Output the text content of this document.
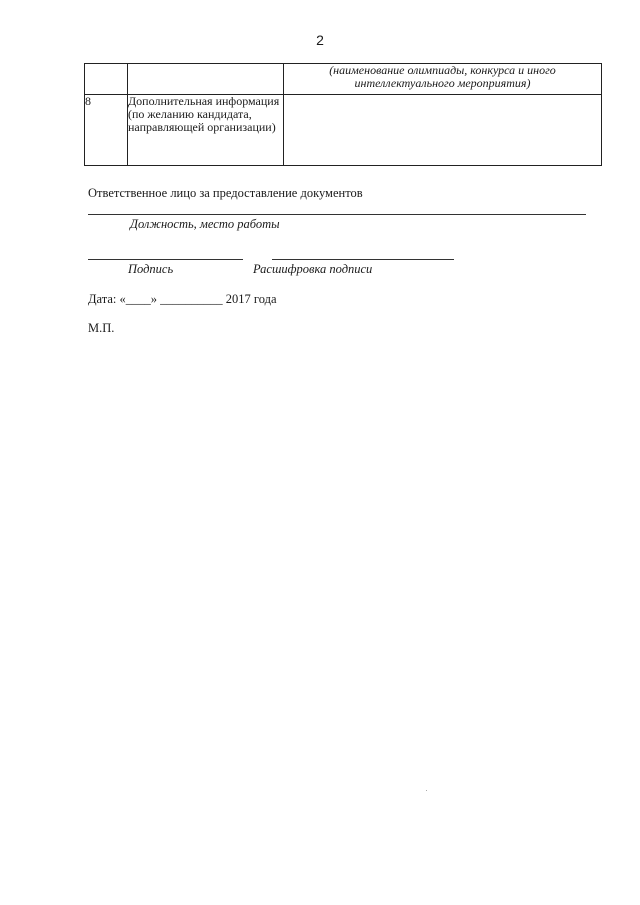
2
		(наименование олимпиады, конкурса и иного интеллектуального мероприятия)
8	Дополнительная информация (по желанию кандидата, направляющей организации)	
Ответственное лицо за предоставление документов
Должность, место работы
Подпись	Расшифровка подписи
Дата: «____» __________ 2017 года
М.П.
